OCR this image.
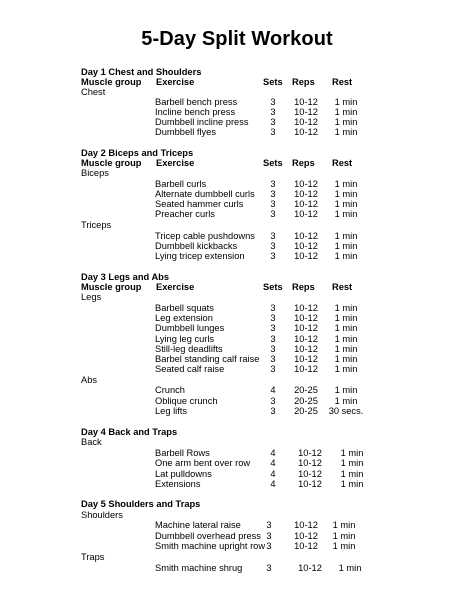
5-Day Split Workout
Day 1 Chest and Shoulders
Muscle group Exercise	Sets Reps Rest
Chest
Barbell bench press	3	10-12	1 min
Incline bench press	3	10-12	1 min
Dumbbell incline press	3	10-12	1 min
Dumbbell flyes	3	10-12	1 min
Day 2 Biceps and Triceps
Muscle group Exercise	Sets Reps Rest
Biceps
Barbell curls	3	10-12	1 min
Alternate dumbbell curls	3	10-12	1 min
Seated hammer curls	3	10-12	1 min
Preacher curls	3	10-12	1 min
Triceps
Tricep cable pushdowns	3	10-12	1 min
Dumbbell kickbacks	3	10-12	1 min
Lying tricep extension	3	10-12	1 min
Day 3 Legs and Abs
Muscle group Exercise	Sets Reps Rest
Legs
Barbell squats	3	10-12	1 min
Leg extension	3	10-12	1 min
Dumbbell lunges	3	10-12	1 min
Lying leg curls	3	10-12	1 min
Still-leg deadlifts	3	10-12	1 min
Barbel standing calf raise	3	10-12	1 min
Seated calf raise	3	10-12	1 min
Abs
Crunch	4	20-25	1 min
Oblique crunch	3	20-25	1 min
Leg lifts	3	20-25	30 secs.
Day 4 Back and Traps
Back
Barbell Rows	4	10-12	1 min
One arm bent over row	4	10-12	1 min
Lat pulldowns	4	10-12	1 min
Extensions	4	10-12	1 min
Day 5 Shoulders and Traps
Shoulders
Machine lateral raise	3	10-12	1 min
Dumbbell overhead press 3	10-12	1 min
Smith machine upright row 3	10-12	1 min
Traps
Smith machine shrug	3	10-12	1 min
